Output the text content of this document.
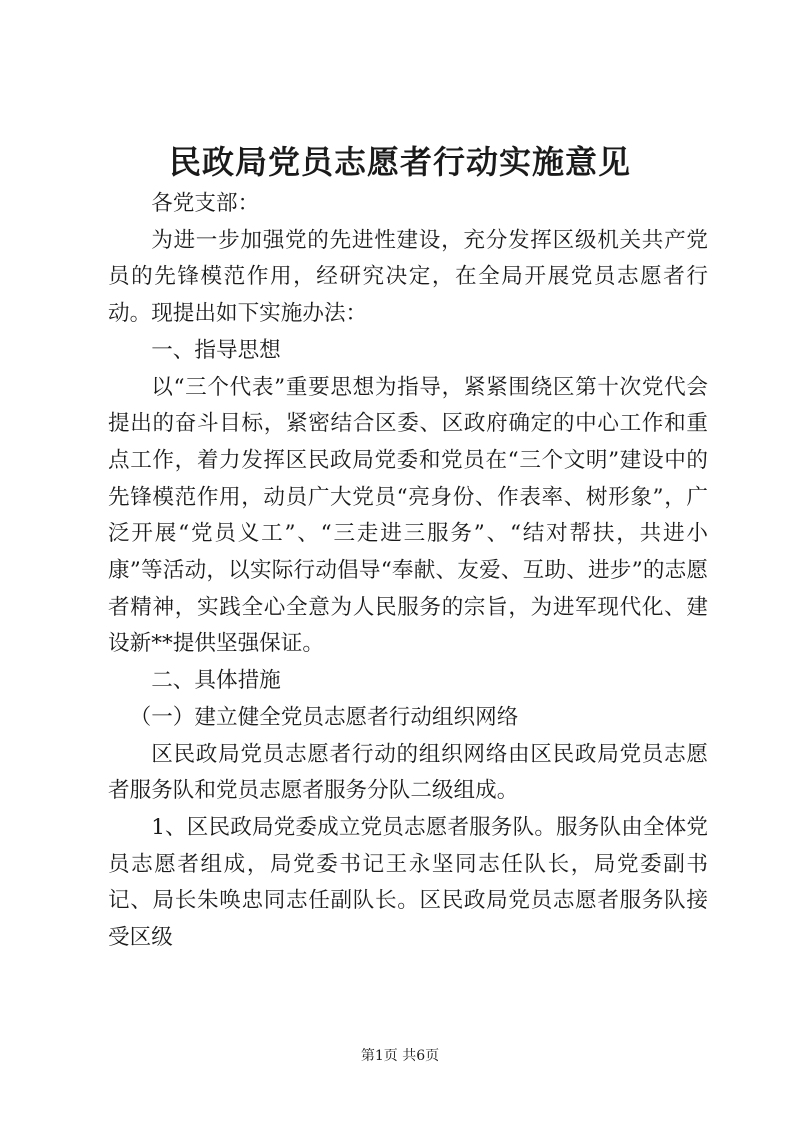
民政局党员志愿者行动实施意见

各党支部：

为进一步加强党的先进性建设，充分发挥区级机关共产党员的先锋模范作用，经研究决定，在全局开展党员志愿者行动。现提出如下实施办法：

一、指导思想

以“三个代表”重要思想为指导，紧紧围绕区第十次党代会提出的奋斗目标，紧密结合区委、区政府确定的中心工作和重点工作，着力发挥区民政局党委和党员在“三个文明”建设中的先锋模范作用，动员广大党员“亮身份、作表率、树形象”，广泛开展“党员义工”、“三走进三服务”、“结对帮扶，共进小康”等活动，以实际行动倡导“奉献、友爱、互助、进步”的志愿者精神，实践全心全意为人民服务的宗旨，为进军现代化、建设新**提供坚强保证。

二、具体措施

（一）建立健全党员志愿者行动组织网络

区民政局党员志愿者行动的组织网络由区民政局党员志愿者服务队和党员志愿者服务分队二级组成。

1、区民政局党委成立党员志愿者服务队。服务队由全体党员志愿者组成，局党委书记王永坚同志任队长，局党委副书记、局长朱唤忠同志任副队长。区民政局党员志愿者服务队接受区级

第1页 共6页
